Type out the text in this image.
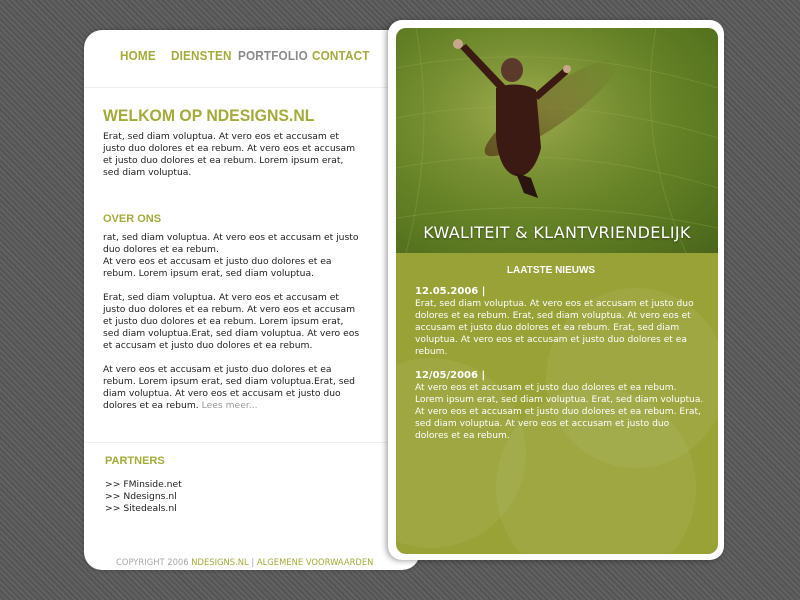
HOME DIENSTEN PORTFOLIO CONTACT
WELKOM OP NDESIGNS.NL

Erat, sed diam voluptua. At vero eos et accusam et justo duo dolores et ea rebum. At vero eos et accusam et justo duo dolores et ea rebum. Lorem ipsum erat, sed diam voluptua.

OVER ONS
rat, sed diam voluptua. At vero eos et accusam et justo duo dolores et ea rebum.
At vero eos et accusam et justo duo dolores et ea rebum. Lorem ipsum erat, sed diam voluptua.

Erat, sed diam voluptua. At vero eos et accusam et justo duo dolores et ea rebum. At vero eos et accusam et justo duo dolores et ea rebum. Lorem ipsum erat, sed diam voluptua.Erat, sed diam voluptua. At vero eos et accusam et justo duo dolores et ea rebum.

At vero eos et accusam et justo duo dolores et ea rebum. Lorem ipsum erat, sed diam voluptua.Erat, sed diam voluptua. At vero eos et accusam et justo duo dolores et ea rebum. Lees meer...

PARTNERS
>> FMinside.net
>> Ndesigns.nl
>> Sitedeals.nl
COPYRIGHT 2006 NDESIGNS.NL | ALGEMENE VOORWAARDEN
KWALITEIT & KLANTVRIENDELIJK
LAATSTE NIEUWS
12.05.2006 |

Erat, sed diam voluptua. At vero eos et accusam et justo duo dolores et ea rebum. Erat, sed diam voluptua. At vero eos et accusam et justo duo dolores et ea rebum. Erat, sed diam voluptua. At vero eos et accusam et justo duo dolores et ea rebum.

12/05/2006 |

At vero eos et accusam et justo duo dolores et ea rebum. Lorem ipsum erat, sed diam voluptua. Erat, sed diam voluptua. At vero eos et accusam et justo duo dolores et ea rebum. Erat, sed diam voluptua. At vero eos et accusam et justo duo dolores et ea rebum.
